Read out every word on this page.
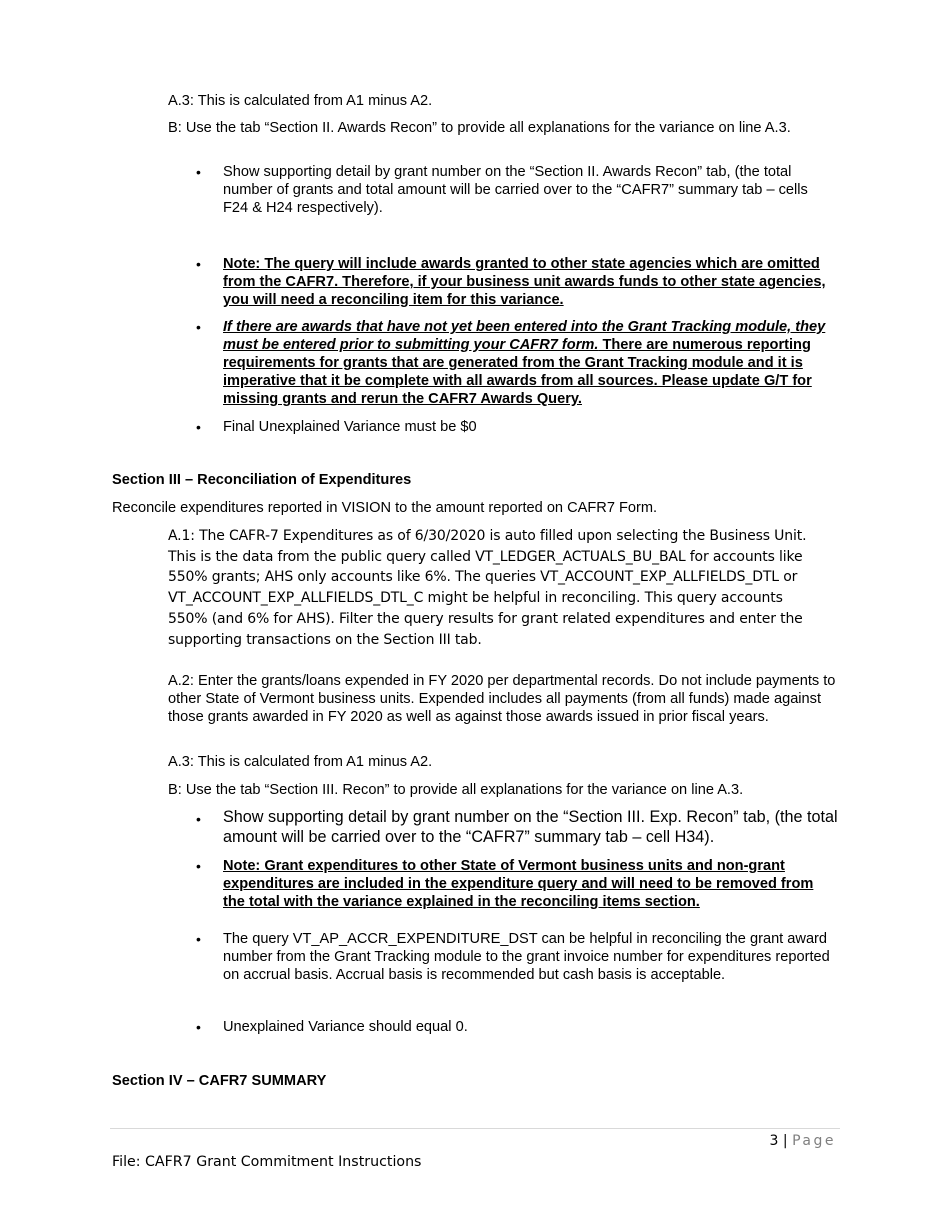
A.3: This is calculated from A1 minus A2.
B: Use the tab “Section II. Awards Recon” to provide all explanations for the variance on line A.3.
• Show supporting detail by grant number on the “Section II. Awards Recon” tab, (the total number of grants and total amount will be carried over to the “CAFR7” summary tab – cells F24 & H24 respectively).
• Note: The query will include awards granted to other state agencies which are omitted from the CAFR7. Therefore, if your business unit awards funds to other state agencies, you will need a reconciling item for this variance.
• If there are awards that have not yet been entered into the Grant Tracking module, they must be entered prior to submitting your CAFR7 form. There are numerous reporting requirements for grants that are generated from the Grant Tracking module and it is imperative that it be complete with all awards from all sources. Please update G/T for missing grants and rerun the CAFR7 Awards Query.
• Final Unexplained Variance must be $0
Section III – Reconciliation of Expenditures
Reconcile expenditures reported in VISION to the amount reported on CAFR7 Form.
A.1: The CAFR-7 Expenditures as of 6/30/2020 is auto filled upon selecting the Business Unit. This is the data from the public query called VT_LEDGER_ACTUALS_BU_BAL for accounts like 550% grants; AHS only accounts like 6%. The queries VT_ACCOUNT_EXP_ALLFIELDS_DTL or VT_ACCOUNT_EXP_ALLFIELDS_DTL_C might be helpful in reconciling. This query accounts 550% (and 6% for AHS). Filter the query results for grant related expenditures and enter the supporting transactions on the Section III tab.
A.2: Enter the grants/loans expended in FY 2020 per departmental records. Do not include payments to other State of Vermont business units. Expended includes all payments (from all funds) made against those grants awarded in FY 2020 as well as against those awards issued in prior fiscal years.
A.3: This is calculated from A1 minus A2.
B: Use the tab “Section III. Recon” to provide all explanations for the variance on line A.3.
• Show supporting detail by grant number on the “Section III. Exp. Recon” tab, (the total amount will be carried over to the “CAFR7” summary tab – cell H34).
• Note: Grant expenditures to other State of Vermont business units and non-grant expenditures are included in the expenditure query and will need to be removed from the total with the variance explained in the reconciling items section.
• The query VT_AP_ACCR_EXPENDITURE_DST can be helpful in reconciling the grant award number from the Grant Tracking module to the grant invoice number for expenditures reported on accrual basis. Accrual basis is recommended but cash basis is acceptable.
• Unexplained Variance should equal 0.
Section IV – CAFR7 SUMMARY
3 | Page
File: CAFR7 Grant Commitment Instructions
